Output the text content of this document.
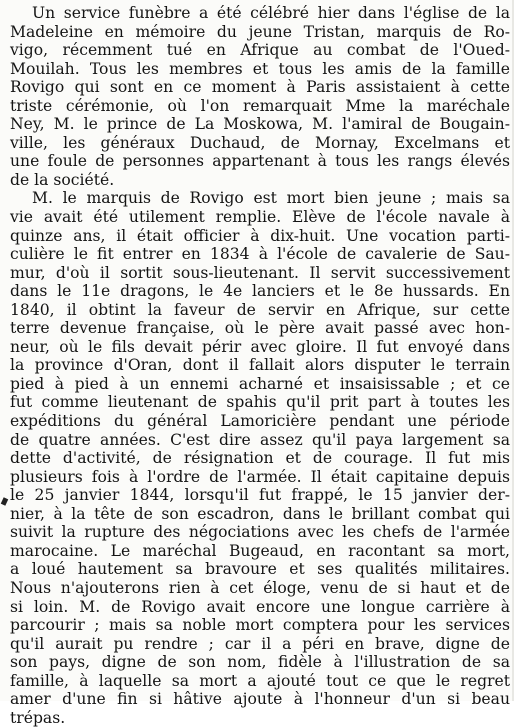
Un service funèbre a été célébré hier dans l'église de la
Madeleine en mémoire du jeune Tristan, marquis de Ro-
vigo, récemment tué en Afrique au combat de l'Oued-
Mouilah. Tous les membres et tous les amis de la famille
Rovigo qui sont en ce moment à Paris assistaient à cette
triste cérémonie, où l'on remarquait Mme la maréchale
Ney, M. le prince de La Moskowa, M. l'amiral de Bougain-
ville, les généraux Duchaud, de Mornay, Excelmans et
une foule de personnes appartenant à tous les rangs élevés
de la société.
M. le marquis de Rovigo est mort bien jeune ; mais sa
vie avait été utilement remplie. Elève de l'école navale à
quinze ans, il était officier à dix-huit. Une vocation parti-
culière le fit entrer en 1834 à l'école de cavalerie de Sau-
mur, d'où il sortit sous-lieutenant. Il servit successivement
dans le 11e dragons, le 4e lanciers et le 8e hussards. En
1840, il obtint la faveur de servir en Afrique, sur cette
terre devenue française, où le père avait passé avec hon-
neur, où le fils devait périr avec gloire. Il fut envoyé dans
la province d'Oran, dont il fallait alors disputer le terrain
pied à pied à un ennemi acharné et insaisissable ; et ce
fut comme lieutenant de spahis qu'il prit part à toutes les
expéditions du général Lamoricière pendant une période
de quatre années. C'est dire assez qu'il paya largement sa
dette d'activité, de résignation et de courage. Il fut mis
plusieurs fois à l'ordre de l'armée. Il était capitaine depuis
le 25 janvier 1844, lorsqu'il fut frappé, le 15 janvier der-
nier, à la tête de son escadron, dans le brillant combat qui
suivit la rupture des négociations avec les chefs de l'armée
marocaine. Le maréchal Bugeaud, en racontant sa mort,
a loué hautement sa bravoure et ses qualités militaires.
Nous n'ajouterons rien à cet éloge, venu de si haut et de
si loin. M. de Rovigo avait encore une longue carrière à
parcourir ; mais sa noble mort comptera pour les services
qu'il aurait pu rendre ; car il a péri en brave, digne de
son pays, digne de son nom, fidèle à l'illustration de sa
famille, à laquelle sa mort a ajouté tout ce que le regret
amer d'une fin si hâtive ajoute à l'honneur d'un si beau
trépas.
